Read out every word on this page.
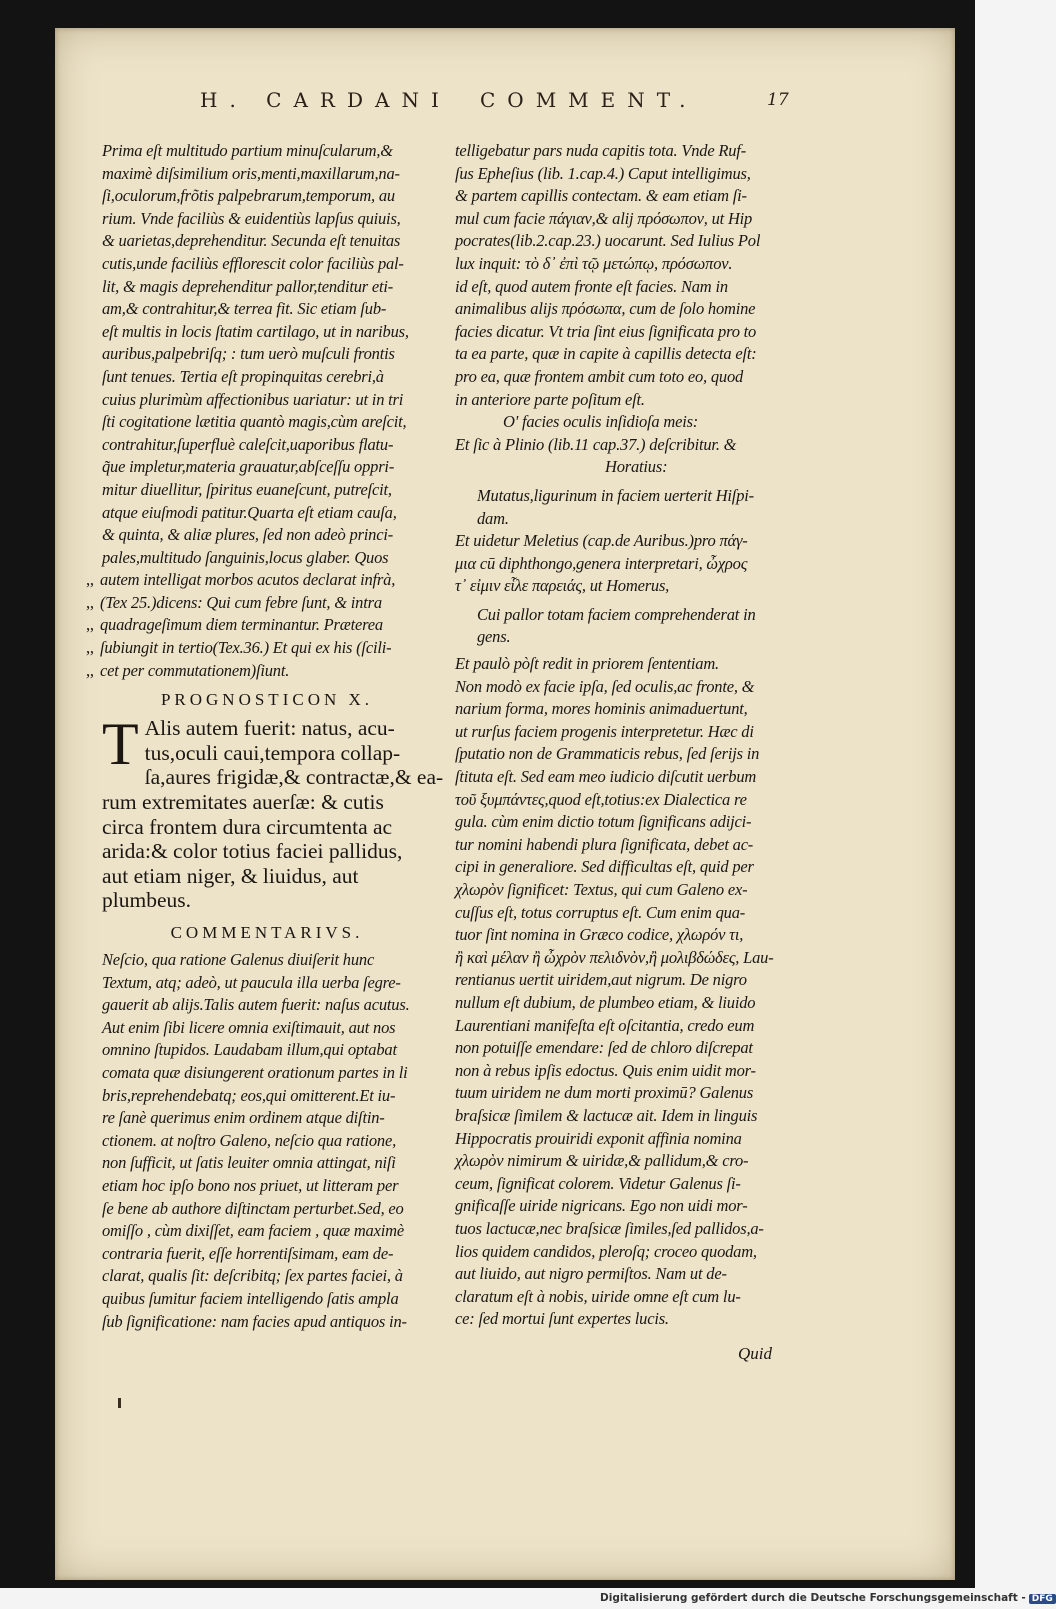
H. CARDANI COMMENT.	17
Prima eſt multitudo partium minuſcularum,&
maximè diſsimilium oris,menti,maxillarum,na-
ſi,oculorum,frõtis palpebrarum,temporum, au
rium. Vnde faciliùs & euidentiùs lapſus quiuis,
& uarietas,deprehenditur. Secunda eſt tenuitas
cutis,unde faciliùs efflorescit color faciliùs pal-
lit, & magis deprehenditur pallor,tenditur eti-
am,& contrahitur,& terrea fit. Sic etiam ſub-
eſt multis in locis ſtatim cartilago, ut in naribus,
auribus,palpebriſq; : tum uerò muſculi frontis
ſunt tenues. Tertia eſt propinquitas cerebri,à
cuius plurimùm affectionibus uariatur: ut in tri
ſti cogitatione lætitia quantò magis,cùm areſcit,
contrahitur,ſuperfluè caleſcit,uaporibus flatu-
q̃ue impletur,materia grauatur,abſceſſu oppri-
mitur diuellitur, ſpiritus euaneſcunt, putreſcit,
atque eiuſmodi patitur.Quarta eſt etiam cauſa,
& quinta, & aliæ plures, ſed non adeò princi-
pales,multitudo ſanguinis,locus glaber. Quos
,, autem intelligat morbos acutos declarat infrà,
,, (Tex 25.)dicens: Qui cum febre ſunt, & intra
,, quadrageſimum diem terminantur. Præterea
,, ſubiungit in tertio(Tex.36.) Et qui ex his (ſcili-
,, cet per commutationem)ſiunt.
PROGNOSTICON X.
T Alis autem fuerit: natus, acu-
tus,oculi caui,tempora collap-
ſa,aures frigidæ,& contractæ,& ea-
rum extremitates auerſæ: & cutis
circa frontem dura circumtenta ac
arida:& color totius faciei pallidus,
aut etiam niger, & liuidus, aut
plumbeus.
COMMENTARIVS.
Neſcio, qua ratione Galenus diuiſerit hunc
Textum, atq; adeò, ut paucula illa uerba ſegre-
gauerit ab alijs.Talis autem fuerit: naſus acutus.
Aut enim ſibi licere omnia exiſtimauit, aut nos
omnino ſtupidos. Laudabam illum,qui optabat
comata quæ disiungerent orationum partes in li
bris,reprehendebatq; eos,qui omitterent.Et iu-
re ſanè querimus enim ordinem atque diſtin-
ctionem. at noſtro Galeno, neſcio qua ratione,
non ſufficit, ut ſatis leuiter omnia attingat, niſi
etiam hoc ipſo bono nos priuet, ut litteram per
ſe bene ab authore diſtinctam perturbet.Sed, eo
omiſſo , cùm dixiſſet, eam faciem , quæ maximè
contraria fuerit, eſſe horrentiſsimam, eam de-
clarat, qualis ſit: deſcribitq; ſex partes faciei, à
quibus ſumitur faciem intelligendo ſatis ampla
ſub ſignificatione: nam facies apud antiquos in-
telligebatur pars nuda capitis tota. Vnde Ruf-
ſus Epheſius (lib. 1.cap.4.) Caput intelligimus,
& partem capillis contectam. & eam etiam ſi-
mul cum facie πάγιαν,& alij πρόσωπον, ut Hip
pocrates(lib.2.cap.23.) uocarunt. Sed Iulius Pol
lux inquit: τὸ δ᾽ ἐπὶ τῷ μετώπῳ, πρόσωπον.
id eſt, quod autem fronte eſt facies. Nam in
animalibus alijs πρόσωπα, cum de ſolo homine
facies dicatur. Vt tria ſint eius ſignificata pro to
ta ea parte, quæ in capite à capillis detecta eſt:
pro ea, quæ frontem ambit cum toto eo, quod
in anteriore parte poſitum eſt.
O' facies oculis inſidioſa meis:
Et ſic à Plinio (lib.11 cap.37.) deſcribitur. &
Horatius:
Mutatus,ligurinum in faciem uerterit Hiſpi-
dam.
Et uidetur Meletius (cap.de Auribus.)pro πάγ-
μια cū diphthongo,genera interpretari, ὦχρος
τ᾽ εἰμιν εἷλε παρειάς, ut Homerus,
Cui pallor totam faciem comprehenderat in
gens.
Et paulò pòſt redit in priorem ſententiam.
Non modò ex facie ipſa, ſed oculis,ac fronte, &
narium forma, mores hominis animaduertunt,
ut rurſus faciem progenis interpretetur. Hæc di
ſputatio non de Grammaticis rebus, ſed ſerijs in
ſtituta eſt. Sed eam meo iudicio diſcutit uerbum
τοῦ ξυμπάντες,quod eſt,totius:ex Dialectica re
gula. cùm enim dictio totum ſignificans adijci-
tur nomini habendi plura ſignificata, debet ac-
cipi in generaliore. Sed difficultas eſt, quid per
χλωρὸν ſignificet: Textus, qui cum Galeno ex-
cuſſus eſt, totus corruptus eſt. Cum enim qua-
tuor ſint nomina in Græco codice, χλωρόν τι,
ἢ καὶ μέλαν ἢ ὦχρὸν πελιδνὸν,ἢ μολιβδώδες, Lau-
rentianus uertit uiridem,aut nigrum. De nigro
nullum eſt dubium, de plumbeo etiam, & liuido
Laurentiani manifeſta eſt oſcitantia, credo eum
non potuiſſe emendare: ſed de chloro diſcrepat
non à rebus ipſis edoctus. Quis enim uidit mor-
tuum uiridem ne dum morti proximū? Galenus
braſsicæ ſimilem & lactucæ ait. Idem in linguis
Hippocratis prouiridi exponit affinia nomina
χλωρὸν nimirum & uiridæ,& pallidum,& cro-
ceum, ſignificat colorem. Videtur Galenus ſi-
gnificaſſe uiride nigricans. Ego non uidi mor-
tuos lactucæ,nec braſsicæ ſimiles,ſed pallidos,a-
lios quidem candidos, pleroſq; croceo quodam,
aut liuido, aut nigro permiſtos. Nam ut de-
claratum eſt à nobis, uiride omne eſt cum lu-
ce: ſed mortui ſunt expertes lucis.
Quid
Digitalisierung gefördert durch die Deutsche Forschungsgemeinschaft - DFG
